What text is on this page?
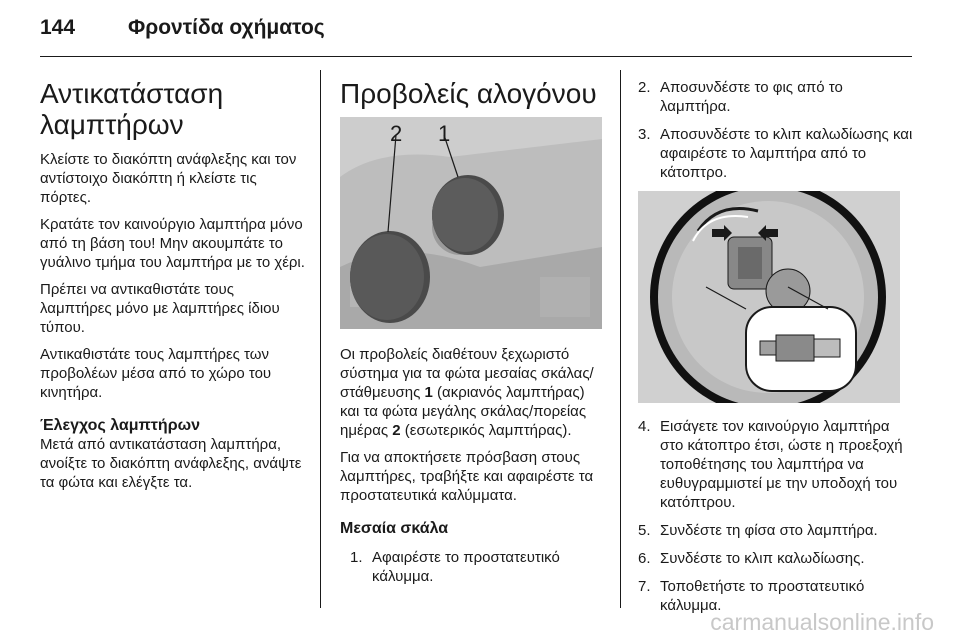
144	Φροντίδα οχήματος
Αντικατάσταση λαμπτήρων

Κλείστε το διακόπτη ανάφλεξης και τον αντίστοιχο διακόπτη ή κλείστε τις πόρτες.

Κρατάτε τον καινούργιο λαμπτήρα μόνο από τη βάση του! Μην ακουμπάτε το γυάλινο τμήμα του λαμπτήρα με το χέρι.

Πρέπει να αντικαθιστάτε τους λαμπτήρες μόνο με λαμπτήρες ίδιου τύπου.

Αντικαθιστάτε τους λαμπτήρες των προβολέων μέσα από το χώρο του κινητήρα.

Έλεγχος λαμπτήρων

Μετά από αντικατάσταση λαμπτήρα, ανοίξτε το διακόπτη ανάφλεξης, ανάψτε τα φώτα και ελέγξτε τα.

Προβολείς αλογόνου
2 1

Οι προβολείς διαθέτουν ξεχωριστό σύστημα για τα φώτα μεσαίας σκάλας/στάθμευσης 1 (ακριανός λαμπτήρας) και τα φώτα μεγάλης σκάλας/πορείας ημέρας 2 (εσωτερικός λαμπτήρας).

Για να αποκτήσετε πρόσβαση στους λαμπτήρες, τραβήξτε και αφαιρέστε τα προστατευτικά καλύμματα.

Μεσαία σκάλα
1. Αφαιρέστε το προστατευτικό κάλυμμα.
2. Αποσυνδέστε το φις από το λαμπτήρα.
3. Αποσυνδέστε το κλιπ καλωδίωσης και αφαιρέστε το λαμπτήρα από το κάτοπτρο.
4. Εισάγετε τον καινούργιο λαμπτήρα στο κάτοπτρο έτσι, ώστε η προεξοχή τοποθέτησης του λαμπτήρα να ευθυγραμμιστεί με την υποδοχή του κατόπτρου.
5. Συνδέστε τη φίσα στο λαμπτήρα.
6. Συνδέστε το κλιπ καλωδίωσης.
7. Τοποθετήστε το προστατευτικό κάλυμμα.
carmanualsonline.info
